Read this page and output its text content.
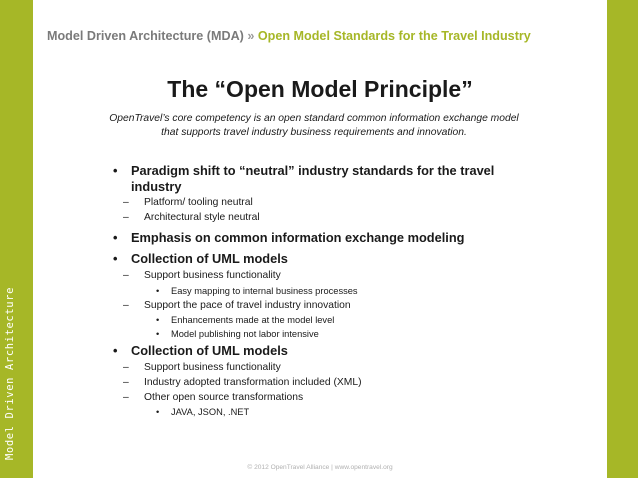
Model Driven Architecture
Model Driven Architecture (MDA) » Open Model Standards for the Travel Industry
The “Open Model Principle”
OpenTravel’s core competency is an open standard common information exchange model that supports travel industry business requirements and innovation.
• Paradigm shift to “neutral” industry standards for the travel
industry
– Platform/ tooling neutral
– Architectural style neutral
• Emphasis on common information exchange modeling
• Collection of UML models
– Support business functionality
• Easy mapping to internal business processes
– Support the pace of travel industry innovation
• Enhancements made at the model level
• Model publishing not labor intensive
• Collection of UML models
– Support business functionality
– Industry adopted transformation included (XML)
– Other open source transformations
• JAVA, JSON, .NET
© 2012 OpenTravel Alliance | www.opentravel.org
